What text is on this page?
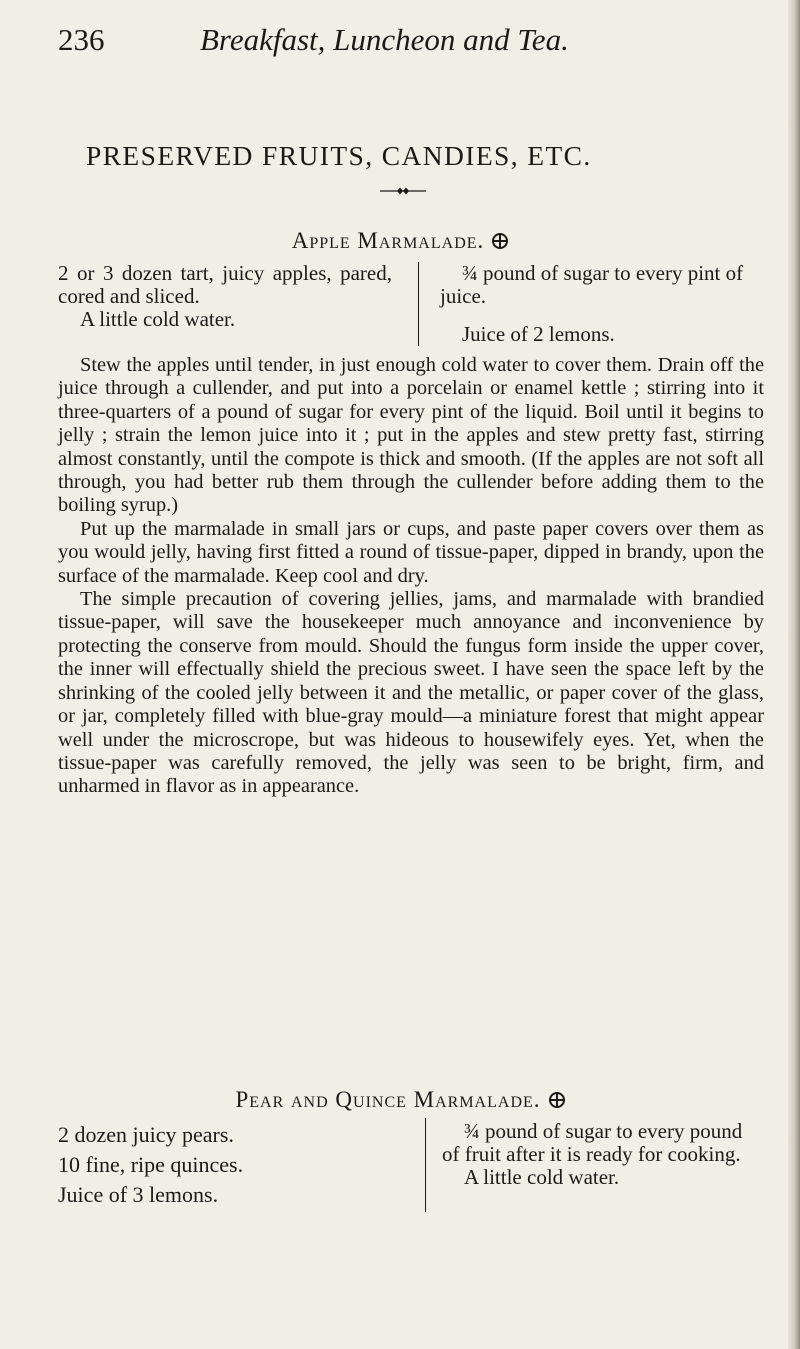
236	Breakfast, Luncheon and Tea.
PRESERVED FRUITS, CANDIES, ETC.
Apple Marmalade.

2 or 3 dozen tart, juicy apples, pared, cored and sliced.

A little cold water.

¾ pound of sugar to every pint of juice.

Juice of 2 lemons.

Stew the apples until tender, in just enough cold water to cover them. Drain off the juice through a cullender, and put into a porcelain or enamel kettle ; stirring into it three-quarters of a pound of sugar for every pint of the liquid. Boil until it begins to jelly ; strain the lemon juice into it ; put in the apples and stew pretty fast, stirring almost constantly, until the compote is thick and smooth. (If the apples are not soft all through, you had better rub them through the cullender before adding them to the boiling syrup.)

Put up the marmalade in small jars or cups, and paste paper covers over them as you would jelly, having first fitted a round of tissue-paper, dipped in brandy, upon the surface of the marmalade. Keep cool and dry.

The simple precaution of covering jellies, jams, and marmalade with brandied tissue-paper, will save the housekeeper much annoyance and inconvenience by protecting the conserve from mould. Should the fungus form inside the upper cover, the inner will effectually shield the precious sweet. I have seen the space left by the shrinking of the cooled jelly between it and the metallic, or paper cover of the glass, or jar, completely filled with blue-gray mould—a miniature forest that might appear well under the microscrope, but was hideous to housewifely eyes. Yet, when the tissue-paper was carefully removed, the jelly was seen to be bright, firm, and unharmed in flavor as in appearance.

Pear and Quince Marmalade.

2 dozen juicy pears.

10 fine, ripe quinces.

Juice of 3 lemons.

¾ pound of sugar to every pound of fruit after it is ready for cooking.

A little cold water.
